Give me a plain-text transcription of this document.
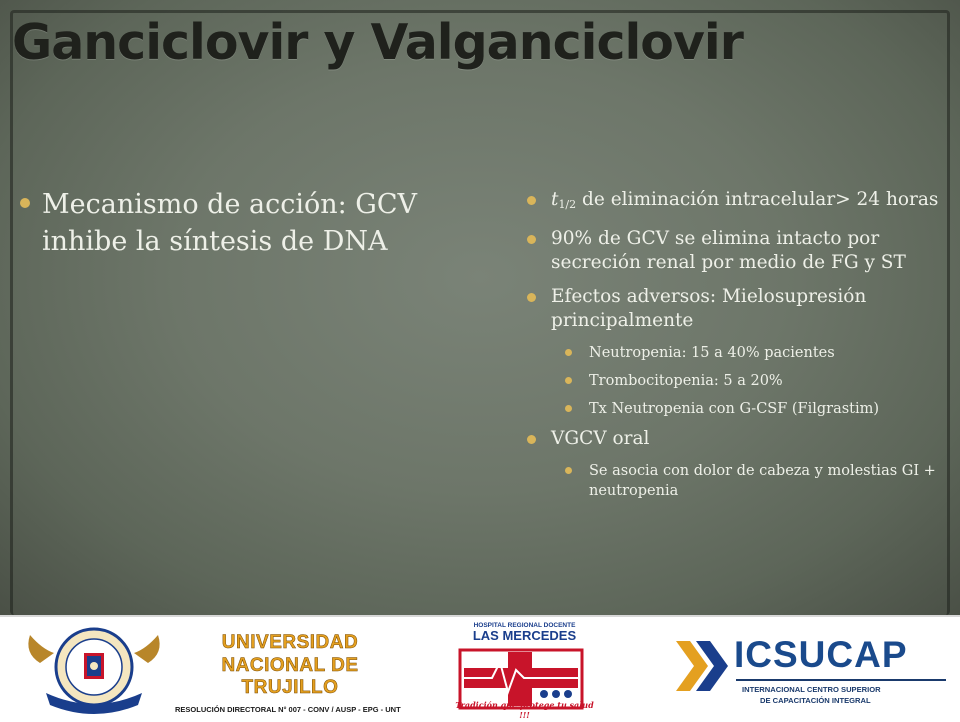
Ganciclovir y Valganciclovir
Mecanismo de acción: GCV inhibe la síntesis de DNA
$t_{1/2}$ de eliminación intracelular> 24 horas
90% de GCV se elimina intacto por secreción renal por medio de FG y ST
Efectos adversos: Mielosupresión principalmente
Neutropenia: 15 a 40% pacientes
Trombocitopenia: 5 a 20%
Tx Neutropenia con G-CSF (Filgrastim)
VGCV oral
Se asocia con dolor de cabeza y molestias GI + neutropenia
UNIVERSIDAD
NACIONAL DE TRUJILLO
RESOLUCIÓN DIRECTORAL N° 007 - CONV / AUSP - EPG - UNT
HOSPITAL REGIONAL DOCENTE
LAS MERCEDES
Tradición que protege tu salud !!!
ICSUCAP
INTERNACIONAL CENTRO SUPERIOR
DE CAPACITACIÓN INTEGRAL
